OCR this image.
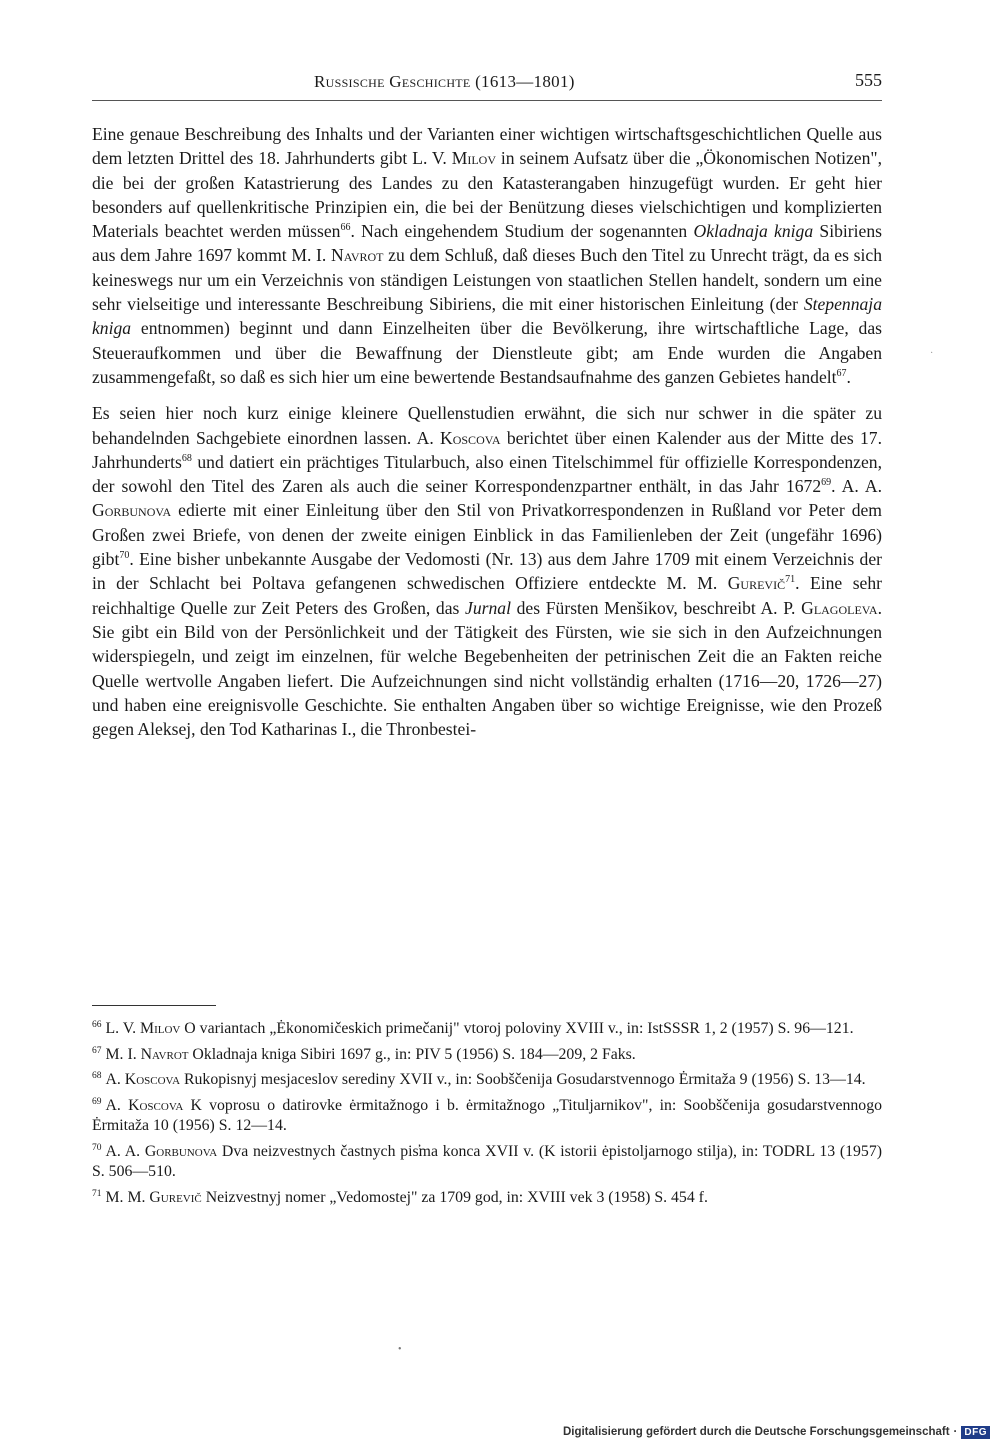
Russische Geschichte (1613—1801)	555

Eine genaue Beschreibung des Inhalts und der Varianten einer wichtigen wirtschaftsgeschichtlichen Quelle aus dem letzten Drittel des 18. Jahrhunderts gibt L. V. Milov in seinem Aufsatz über die „Ökonomischen Notizen", die bei der großen Katastrierung des Landes zu den Katasterangaben hinzugefügt wurden. Er geht hier besonders auf quellenkritische Prinzipien ein, die bei der Benützung dieses vielschichtigen und komplizierten Materials beachtet werden müssen$^{66}$. Nach eingehendem Studium der sogenannten Okladnaja kniga Sibiriens aus dem Jahre 1697 kommt M. I. Navrot zu dem Schluß, daß dieses Buch den Titel zu Unrecht trägt, da es sich keineswegs nur um ein Verzeichnis von ständigen Leistungen von staatlichen Stellen handelt, sondern um eine sehr vielseitige und interessante Beschreibung Sibiriens, die mit einer historischen Einleitung (der Stepennaja kniga entnommen) beginnt und dann Einzelheiten über die Bevölkerung, ihre wirtschaftliche Lage, das Steueraufkommen und über die Bewaffnung der Dienstleute gibt; am Ende wurden die Angaben zusammengefaßt, so daß es sich hier um eine bewertende Bestandsaufnahme des ganzen Gebietes handelt$^{67}$.

Es seien hier noch kurz einige kleinere Quellenstudien erwähnt, die sich nur schwer in die später zu behandelnden Sachgebiete einordnen lassen. A. Koscova berichtet über einen Kalender aus der Mitte des 17. Jahrhunderts$^{68}$ und datiert ein prächtiges Titularbuch, also einen Titelschimmel für offizielle Korrespondenzen, der sowohl den Titel des Zaren als auch die seiner Korrespondenzpartner enthält, in das Jahr 1672$^{69}$. A. A. Gorbunova edierte mit einer Einleitung über den Stil von Privatkorrespondenzen in Rußland vor Peter dem Großen zwei Briefe, von denen der zweite einigen Einblick in das Familienleben der Zeit (ungefähr 1696) gibt$^{70}$. Eine bisher unbekannte Ausgabe der Vedomosti (Nr. 13) aus dem Jahre 1709 mit einem Verzeichnis der in der Schlacht bei Poltava gefangenen schwedischen Offiziere entdeckte M. M. Gurevič$^{71}$. Eine sehr reichhaltige Quelle zur Zeit Peters des Großen, das Jurnal des Fürsten Menšikov, beschreibt A. P. Glagoleva. Sie gibt ein Bild von der Persönlichkeit und der Tätigkeit des Fürsten, wie sie sich in den Aufzeichnungen widerspiegeln, und zeigt im einzelnen, für welche Begebenheiten der petrinischen Zeit die an Fakten reiche Quelle wertvolle Angaben liefert. Die Aufzeichnungen sind nicht vollständig erhalten (1716—20, 1726—27) und haben eine ereignisvolle Geschichte. Sie enthalten Angaben über so wichtige Ereignisse, wie den Prozeß gegen Aleksej, den Tod Katharinas I., die Thronbestei-

$^{66}$ L. V. Milov O variantach „Ėkonomičeskich primečanij" vtoroj poloviny XVIII v., in: IstSSSR 1, 2 (1957) S. 96—121.
$^{67}$ M. I. Navrot Okladnaja kniga Sibiri 1697 g., in: PIV 5 (1956) S. 184—209, 2 Faks.
$^{68}$ A. Koscova Rukopisnyj mesjaceslov serediny XVII v., in: Soobščenija Gosudarstvennogo Ėrmitaža 9 (1956) S. 13—14.
$^{69}$ A. Koscova K voprosu o datirovke ėrmitažnogo i b. ėrmitažnogo „Tituljarnikov", in: Soobščenija gosudarstvennogo Ėrmitaža 10 (1956) S. 12—14.
$^{70}$ A. A. Gorbunova Dva neizvestnych častnych pis̕ma konca XVII v. (K istorii ėpistoljarnogo stilja), in: TODRL 13 (1957) S. 506—510.
$^{71}$ M. M. Gurevič Neizvestnyj nomer „Vedomostej" za 1709 god, in: XVIII vek 3 (1958) S. 454 f.
•
·
Digitalisierung gefördert durch die Deutsche Forschungsgemeinschaft · DFG
